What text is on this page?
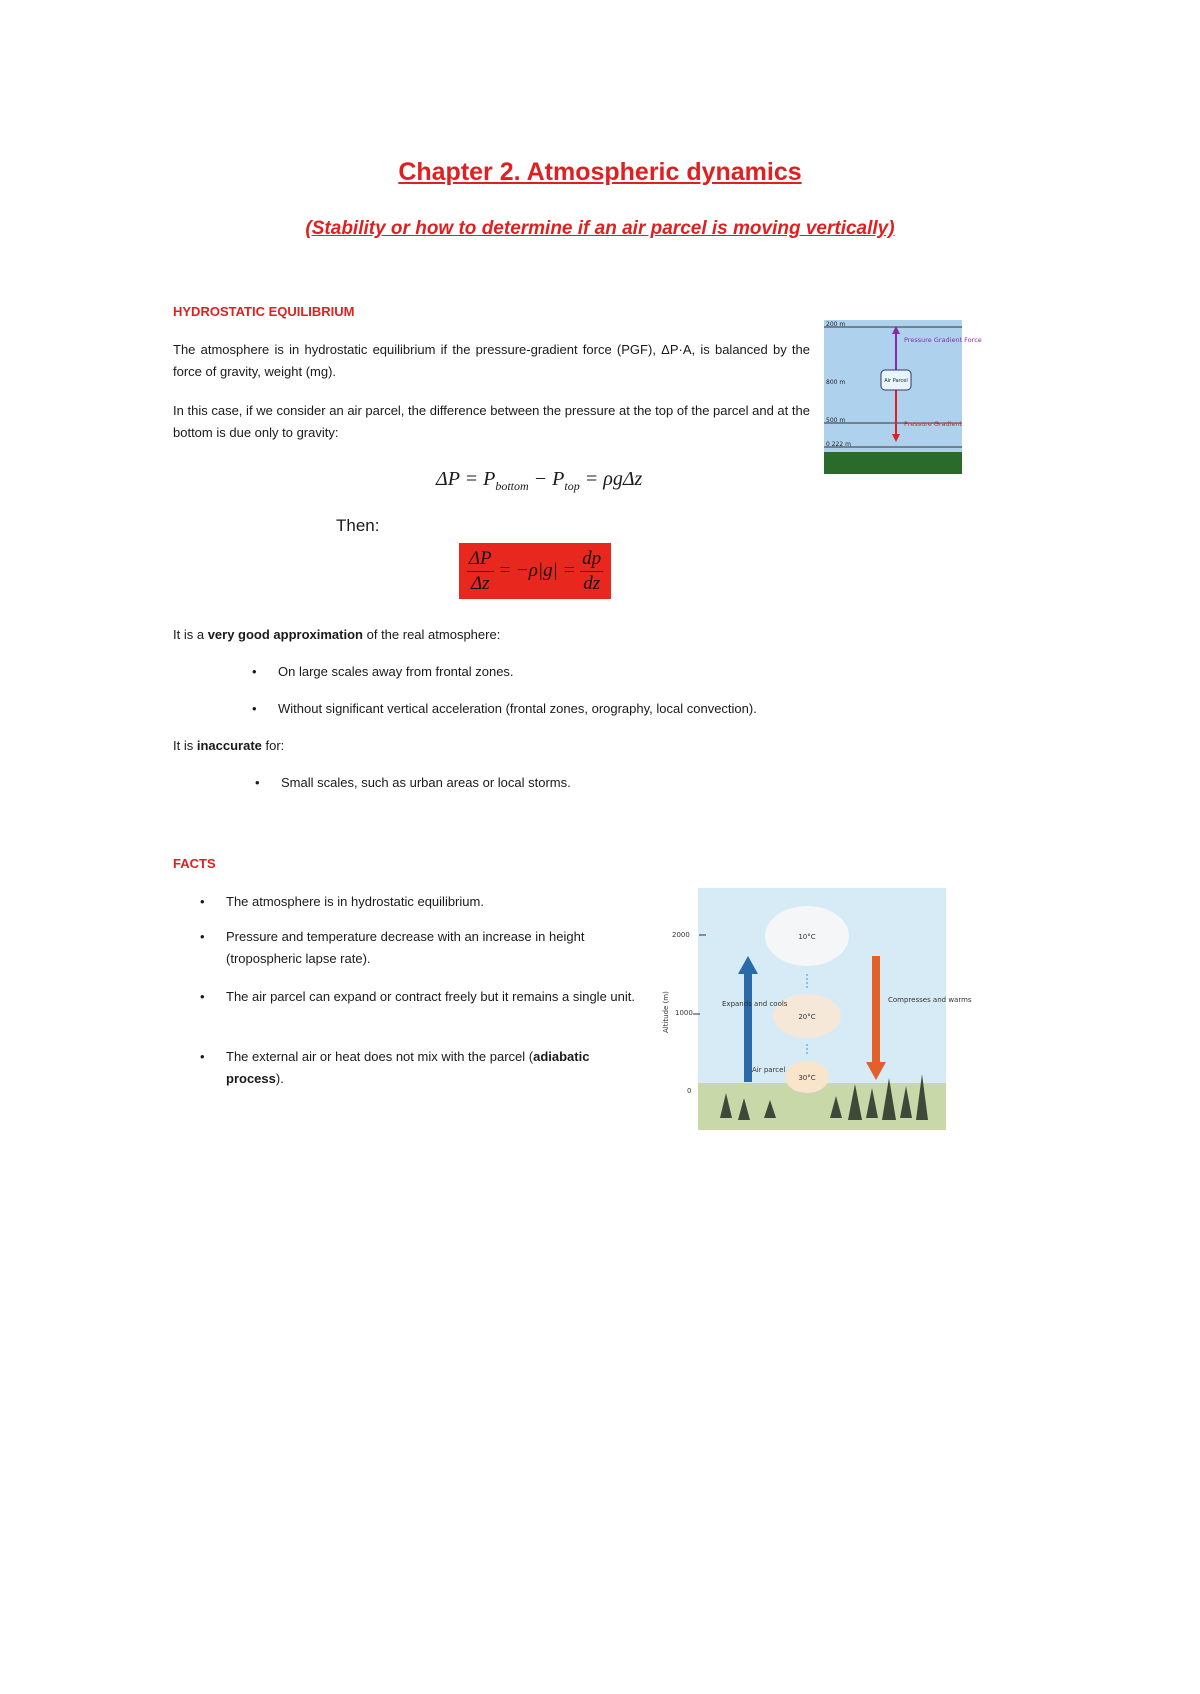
Chapter 2. Atmospheric dynamics
(Stability or how to determine if an air parcel is moving vertically)
HYDROSTATIC EQUILIBRIUM

The atmosphere is in hydrostatic equilibrium if the pressure-gradient force (PGF), ΔP·A, is balanced by the force of gravity, weight (mg).

In this case, if we consider an air parcel, the difference between the pressure at the top of the parcel and at the bottom is due only to gravity:

$\Delta P = P_{bottom} - P_{top} = \rho g\Delta z$
Then:
$\frac{\Delta P}{\Delta z} = -\rho|g| = \frac{dp}{dz}$

It is a very good approximation of the real atmosphere:

• On large scales away from frontal zones.
• Without significant vertical acceleration (frontal zones, orography, local convection).

It is inaccurate for:

• Small scales, such as urban areas or local storms.
200 m
800 m
500 m
0 222 m
Air Parcel
Pressure Gradient Force
Pressure Gradient
FACTS
• The atmosphere is in hydrostatic equilibrium.
• Pressure and temperature decrease with an increase in height (tropospheric lapse rate).
• The air parcel can expand or contract freely but it remains a single unit.
• The external air or heat does not mix with the parcel (adiabatic process).
2000
1000
0
Altitude (m)
10°C
20°C
30°C
Expands and cools	Compresses and warms
Air parcel
